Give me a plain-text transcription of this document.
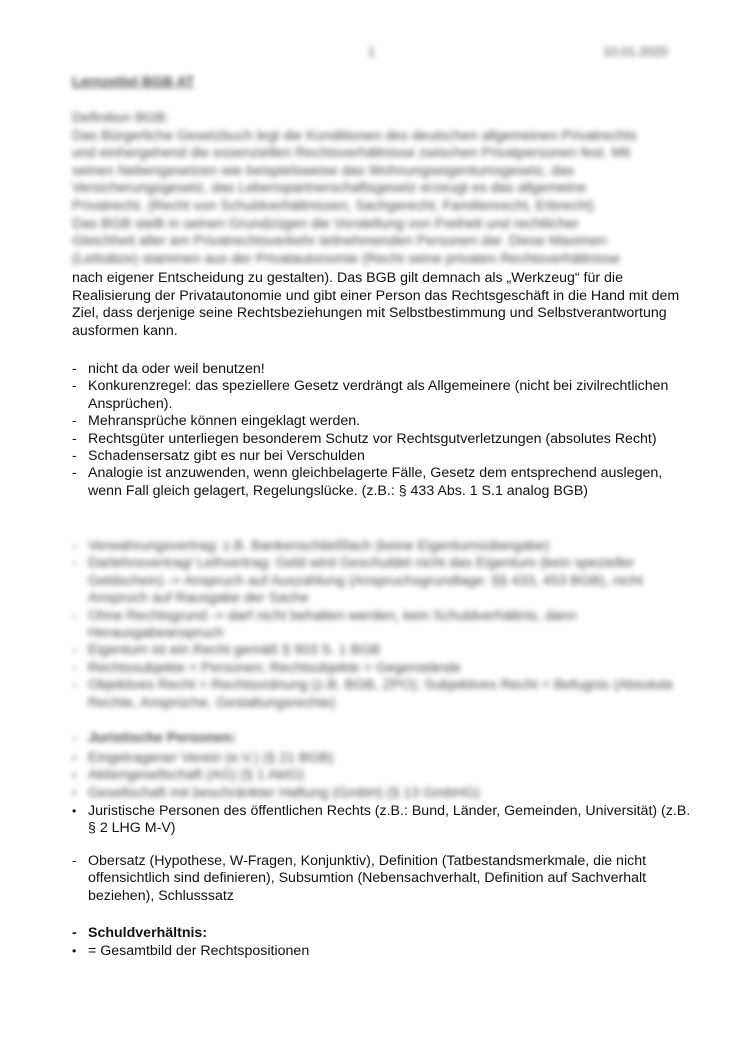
1	10.01.2020
Lernzettel BGB AT
Definition BGB:
Das Bürgerliche Gesetzbuch legt die Konditionen des deutschen allgemeinen Privatrechts
und einhergehend die essenziellen Rechtsverhältnisse zwischen Privatpersonen fest. Mit
seinen Nebengesetzen wie beispielsweise das Wohnungseigentumsgesetz, das
Versicherungsgesetz, das Lebenspartnerschaftsgesetz erzeugt es das allgemeine
Privatrecht. (Recht von Schuldverhältnissen, Sachgerecht, Familienrecht, Erbrecht)
Das BGB stellt in seinen Grundzügen die Vorstellung von Freiheit und rechtlicher
Gleichheit aller am Privatrechtsverkehr teilnehmenden Personen dar. Diese Maximen
(Leitsätze) stammen aus der Privatautonomie (Recht seine privaten Rechtsverhältnisse

nach eigener Entscheidung zu gestalten). Das BGB gilt demnach als „Werkzeug“ für die Realisierung der Privatautonomie und gibt einer Person das Rechtsgeschäft in die Hand mit dem Ziel, dass derjenige seine Rechtsbeziehungen mit Selbstbestimmung und Selbstverantwortung ausformen kann.

- nicht da oder weil benutzen!
- Konkurenzregel: das speziellere Gesetz verdrängt als Allgemeinere (nicht bei zivilrechtlichen Ansprüchen).
- Mehransprüche können eingeklagt werden.
- Rechtsgüter unterliegen besonderem Schutz vor Rechtsgutverletzungen (absolutes Recht)
- Schadensersatz gibt es nur bei Verschulden
- Analogie ist anzuwenden, wenn gleichbelagerte Fälle, Gesetz dem entsprechend auslegen, wenn Fall gleich gelagert, Regelungslücke. (z.B.: § 433 Abs. 1 S.1 analog BGB)
- Verwahrungsvertrag: z.B. Bankenschließfach (keine Eigentumsübergabe)
- Darlehnsvertrag/ Leihvertrag: Geld wird Geschuldet nicht das Eigentum (kein spezieller Geldschein) -> Anspruch auf Auszahlung (Anspruchsgrundlage: §§ 433, 453 BGB), nicht Anspruch auf Rausgabe der Sache
- Ohne Rechtsgrund -> darf nicht behalten werden, kein Schuldverhältnis, dann Herausgabeanspruch
- Eigentum ist ein Recht gemäß § 903 S. 1 BGB
- Rechtssubjekte = Personen; Rechtsobjekte = Gegenstände
- Objektives Recht = Rechtsordnung (z.B. BGB, ZPO); Subjektives Recht = Befugnis (Absolute Rechte, Ansprüche, Gestaltungsrechte)
- Juristische Personen:
• Eingetragener Verein (e.V.) (§ 21 BGB)
• Aktiengesellschaft (AG) (§ 1 AktG)
• Gesellschaft mit beschränkter Haftung (GmbH) (§ 13 GmbHG)
• Juristische Personen des öffentlichen Rechts (z.B.: Bund, Länder, Gemeinden, Universität) (z.B. § 2 LHG M-V)
- Obersatz (Hypothese, W-Fragen, Konjunktiv), Definition (Tatbestandsmerkmale, die nicht offensichtlich sind definieren), Subsumtion (Nebensachverhalt, Definition auf Sachverhalt beziehen), Schlusssatz
- Schuldverhältnis:
• = Gesamtbild der Rechtspositionen
